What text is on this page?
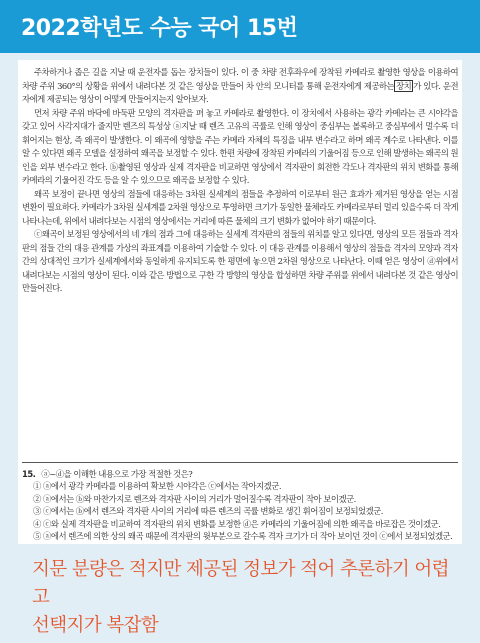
2022학년도 수능 국어 15번

주차하거나 좁은 길을 지날 때 운전자를 돕는 장치들이 있다. 이 중 차량 전후좌우에 장착된 카메라로 촬영한 영상을 이용하여 차량 주위 360°의 상황을 위에서 내려다본 것 같은 영상을 만들어 차 안의 모니터를 통해 운전자에게 제공하는 장치 가 있다. 운전자에게 제공되는 영상이 어떻게 만들어지는지 알아보자.

먼저 차량 주위 바닥에 바둑판 모양의 격자판을 펴 놓고 카메라로 촬영한다. 이 장치에서 사용하는 광각 카메라는 큰 시야각을 갖고 있어 사각지대가 줄지만 렌즈의 특성상 ⓐ지날 때 렌즈 고유의 곡률로 인해 영상이 중심부는 볼록하고 중심부에서 멀수록 더 휘어지는 현상, 즉 왜곡이 발생한다. 이 왜곡에 영향을 주는 카메라 자체의 특징을 내부 변수라고 하며 왜곡 계수로 나타낸다. 이를 알 수 있다면 왜곡 모델을 설정하여 왜곡을 보정할 수 있다. 한편 차량에 장착된 카메라의 기울어짐 등으로 인해 발생하는 왜곡의 원인을 외부 변수라고 한다. ⓑ촬영된 영상과 실제 격자판을 비교하면 영상에서 격자판이 회전한 각도나 격자판의 위치 변화를 통해 카메라의 기울어진 각도 등을 알 수 있으므로 왜곡을 보정할 수 있다.

왜곡 보정이 끝나면 영상의 점들에 대응하는 3차원 실세계의 점들을 추정하여 이로부터 원근 효과가 제거된 영상을 얻는 시점 변환이 필요하다. 카메라가 3차원 실세계를 2차원 영상으로 투영하면 크기가 동일한 물체라도 카메라로부터 멀리 있을수록 더 작게 나타나는데, 위에서 내려다보는 시점의 영상에서는 거리에 따른 물체의 크기 변화가 없어야 하기 때문이다.

ⓒ왜곡이 보정된 영상에서의 네 개의 점과 그에 대응하는 실세계 격자판의 점들의 위치를 알고 있다면, 영상의 모든 점들과 격자판의 점들 간의 대응 관계를 가상의 좌표계를 이용하여 기술할 수 있다. 이 대응 관계를 이용해서 영상의 점들을 격자의 모양과 격자 간의 상대적인 크기가 실세계에서와 동일하게 유지되도록 한 평면에 놓으면 2차원 영상으로 나타난다. 이때 얻은 영상이 ⓓ위에서 내려다보는 시점의 영상이 된다. 이와 같은 방법으로 구한 각 방향의 영상을 합성하면 차량 주위를 위에서 내려다본 것 같은 영상이 만들어진다.

15. ⓐ~ⓓ을 이해한 내용으로 가장 적절한 것은?
① ⓐ에서 광각 카메라를 이용하여 확보한 시야각은 ⓒ에서는 작아지겠군.
② ⓐ에서는 ⓑ와 마찬가지로 렌즈와 격자판 사이의 거리가 멀어질수록 격자판이 작아 보이겠군.
③ ⓒ에서는 ⓑ에서 렌즈와 격자판 사이의 거리에 따른 렌즈의 곡률 변화로 생긴 휘어짐이 보정되었겠군.
④ ⓒ와 실제 격자판을 비교하여 격자판의 위치 변화를 보정한 ⓓ은 카메라의 기울어짐에 의한 왜곡을 바로잡은 것이겠군.
⑤ ⓐ에서 렌즈에 의한 상의 왜곡 때문에 격자판의 윗부분으로 갈수록 격자 크기가 더 작아 보이던 것이 ⓒ에서 보정되었겠군.
지문 분량은 적지만 제공된 정보가 적어 추론하기 어렵고
선택지가 복잡함
